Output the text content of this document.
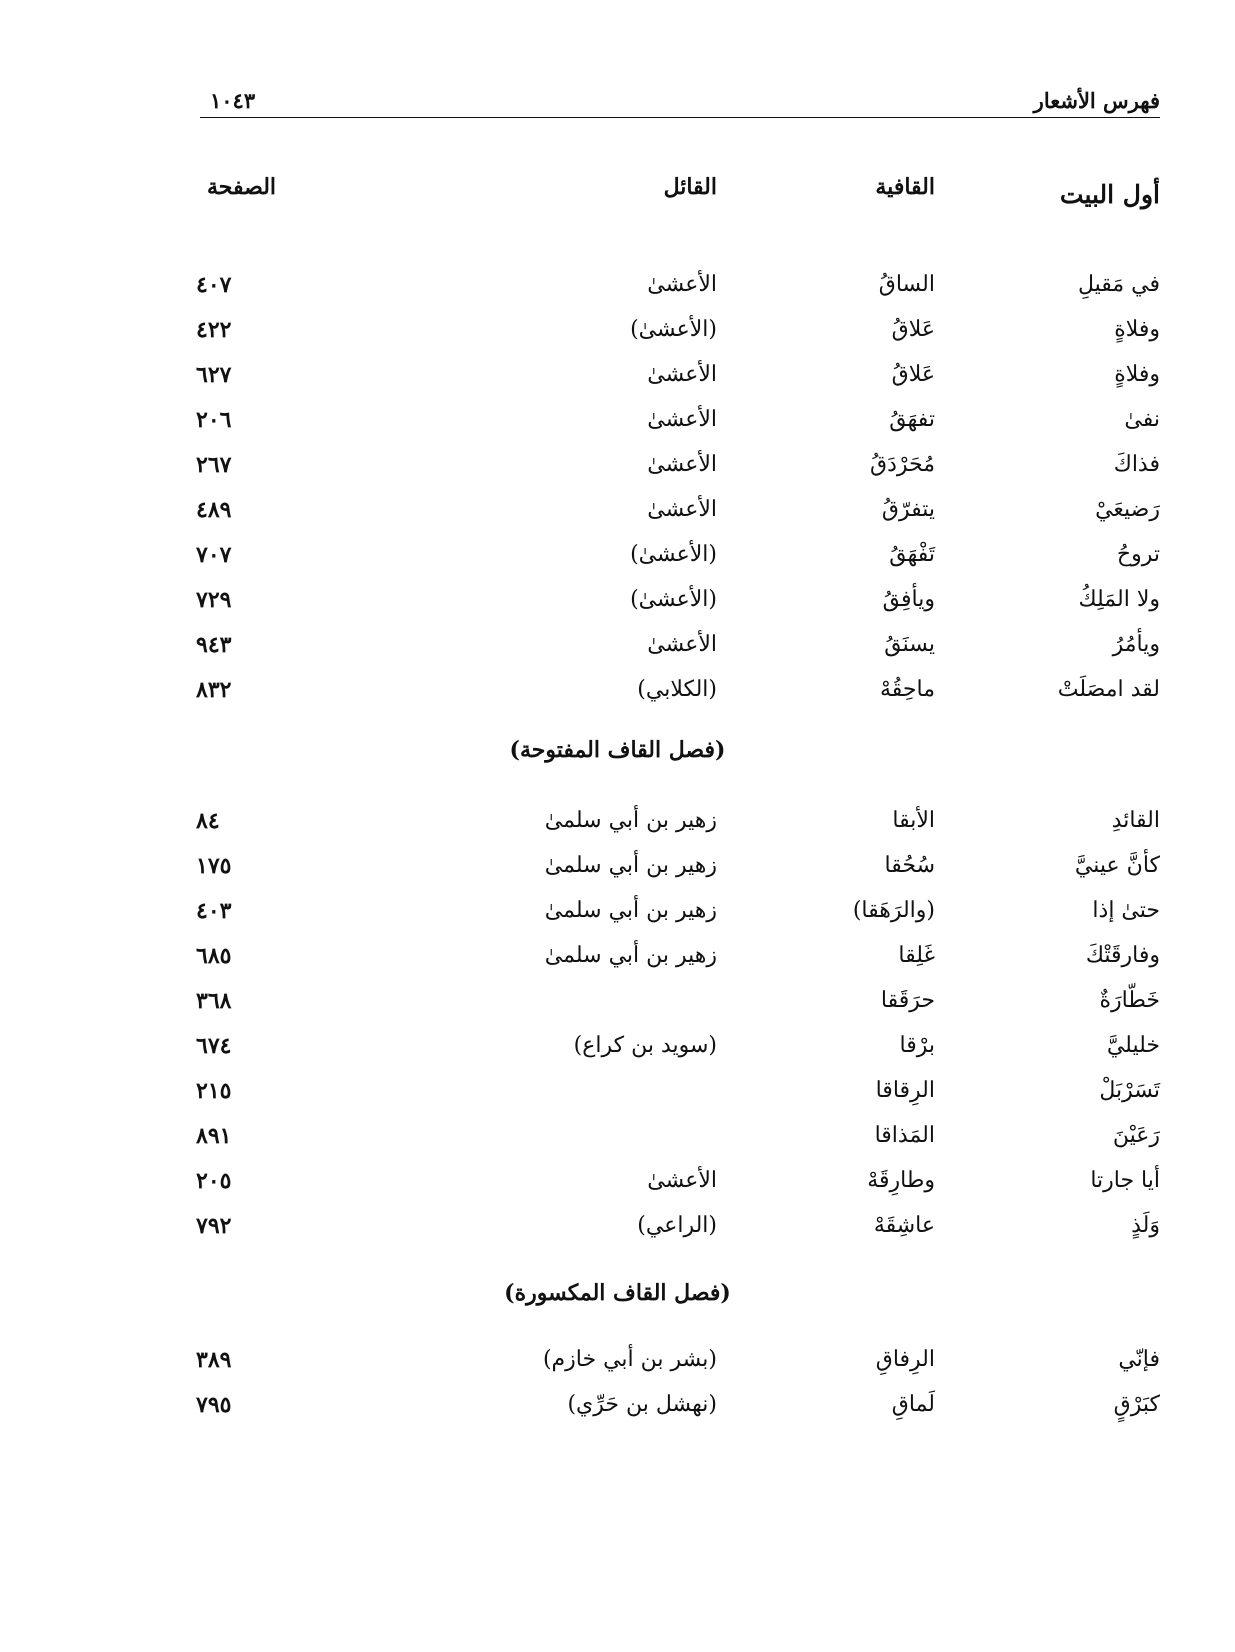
فهرس الأشعار
١٠٤٣
أول البيت
القافية
القائل
الصفحة
في مَقيلِ
الساقُ
الأعشىٰ
٤٠٧
وفلاةٍ
عَلاقُ
(الأعشىٰ)
٤٢٢
وفلاةٍ
عَلاقُ
الأعشىٰ
٦٢٧
نفىٰ
تفهَقُ
الأعشىٰ
٢٠٦
فذاكَ
مُحَرْدَقُ
الأعشىٰ
٢٦٧
رَضيعَيْ
يتفرّقُ
الأعشىٰ
٤٨٩
تروحُ
تَفْهَقُ
(الأعشىٰ)
٧٠٧
ولا المَلِكُ
ويأفِقُ
(الأعشىٰ)
٧٢٩
ويأمُرُ
يسنَقُ
الأعشىٰ
٩٤٣
لقد امصَلَتْ
ماحِقُهْ
(الكلابي)
٨٣٢
(فصل القاف المفتوحة)
القائدِ
الأبقا
زهير بن أبي سلمىٰ
٨٤
كأنَّ عينيَّ
سُحُقا
زهير بن أبي سلمىٰ
١٧٥
حتىٰ إذا
(والرَهَقا)
زهير بن أبي سلمىٰ
٤٠٣
وفارقَتْكَ
غَلِقا
زهير بن أبي سلمىٰ
٦٨٥
خَطّارَةٌ
حرَقَقا
٣٦٨
خليليَّ
برْقا
(سويد بن كراع)
٦٧٤
تَسَرْبَلْ
الرِقاقا
٢١٥
رَعَيْنَ
المَذاقا
٨٩١
أيا جارتا
وطارِقَهْ
الأعشىٰ
٢٠٥
وَلَذٍ
عاشِقَهْ
(الراعي)
٧٩٢
(فصل القاف المكسورة)
فإنّي
الرِفاقِ
(بشر بن أبي خازم)
٣٨٩
كبَرْقٍ
لَماقِ
(نهشل بن حَرِّي)
٧٩٥
